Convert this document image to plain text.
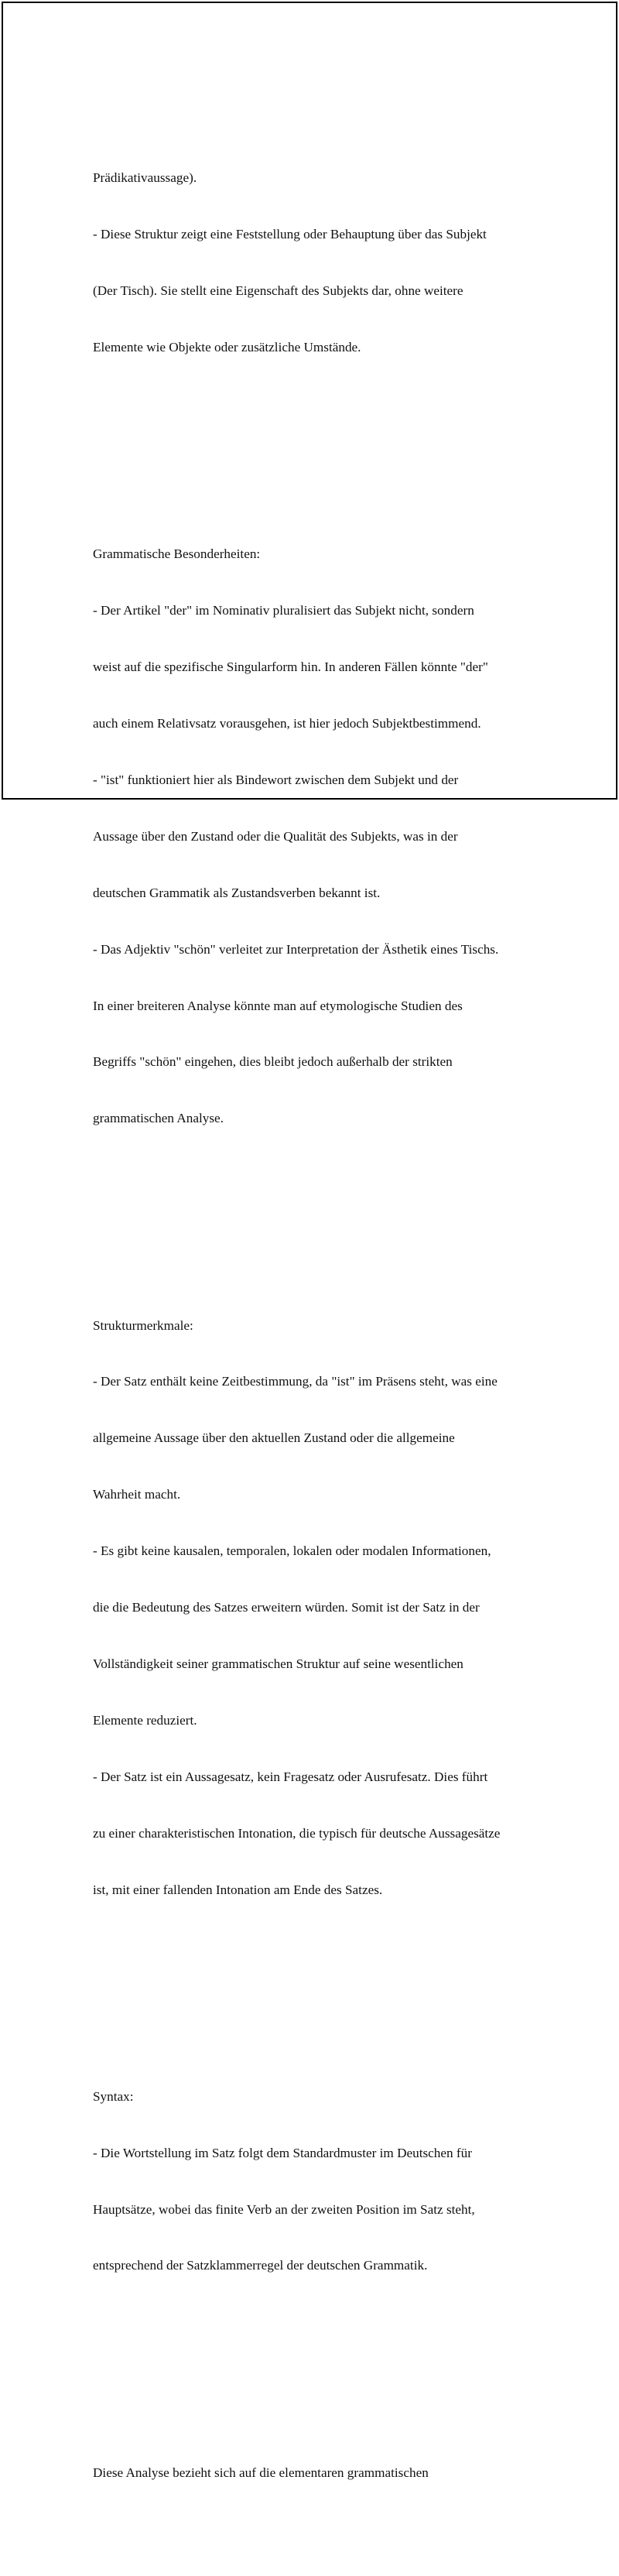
Prädikativaussage).

- Diese Struktur zeigt eine Feststellung oder Behauptung über das Subjekt

(Der Tisch). Sie stellt eine Eigenschaft des Subjekts dar, ohne weitere

Elemente wie Objekte oder zusätzliche Umstände.

Grammatische Besonderheiten:

- Der Artikel "der" im Nominativ pluralisiert das Subjekt nicht, sondern

weist auf die spezifische Singularform hin. In anderen Fällen könnte "der"

auch einem Relativsatz vorausgehen, ist hier jedoch Subjektbestimmend.

- "ist" funktioniert hier als Bindewort zwischen dem Subjekt und der

Aussage über den Zustand oder die Qualität des Subjekts, was in der

deutschen Grammatik als Zustandsverben bekannt ist.

- Das Adjektiv "schön" verleitet zur Interpretation der Ästhetik eines Tischs.

In einer breiteren Analyse könnte man auf etymologische Studien des

Begriffs "schön" eingehen, dies bleibt jedoch außerhalb der strikten

grammatischen Analyse.

Strukturmerkmale:

- Der Satz enthält keine Zeitbestimmung, da "ist" im Präsens steht, was eine

allgemeine Aussage über den aktuellen Zustand oder die allgemeine

Wahrheit macht.

- Es gibt keine kausalen, temporalen, lokalen oder modalen Informationen,

die die Bedeutung des Satzes erweitern würden. Somit ist der Satz in der

Vollständigkeit seiner grammatischen Struktur auf seine wesentlichen

Elemente reduziert.

- Der Satz ist ein Aussagesatz, kein Fragesatz oder Ausrufesatz. Dies führt

zu einer charakteristischen Intonation, die typisch für deutsche Aussagesätze

ist, mit einer fallenden Intonation am Ende des Satzes.

Syntax:

- Die Wortstellung im Satz folgt dem Standardmuster im Deutschen für

Hauptsätze, wobei das finite Verb an der zweiten Position im Satz steht,

entsprechend der Satzklammerregel der deutschen Grammatik.

Diese Analyse bezieht sich auf die elementaren grammatischen
